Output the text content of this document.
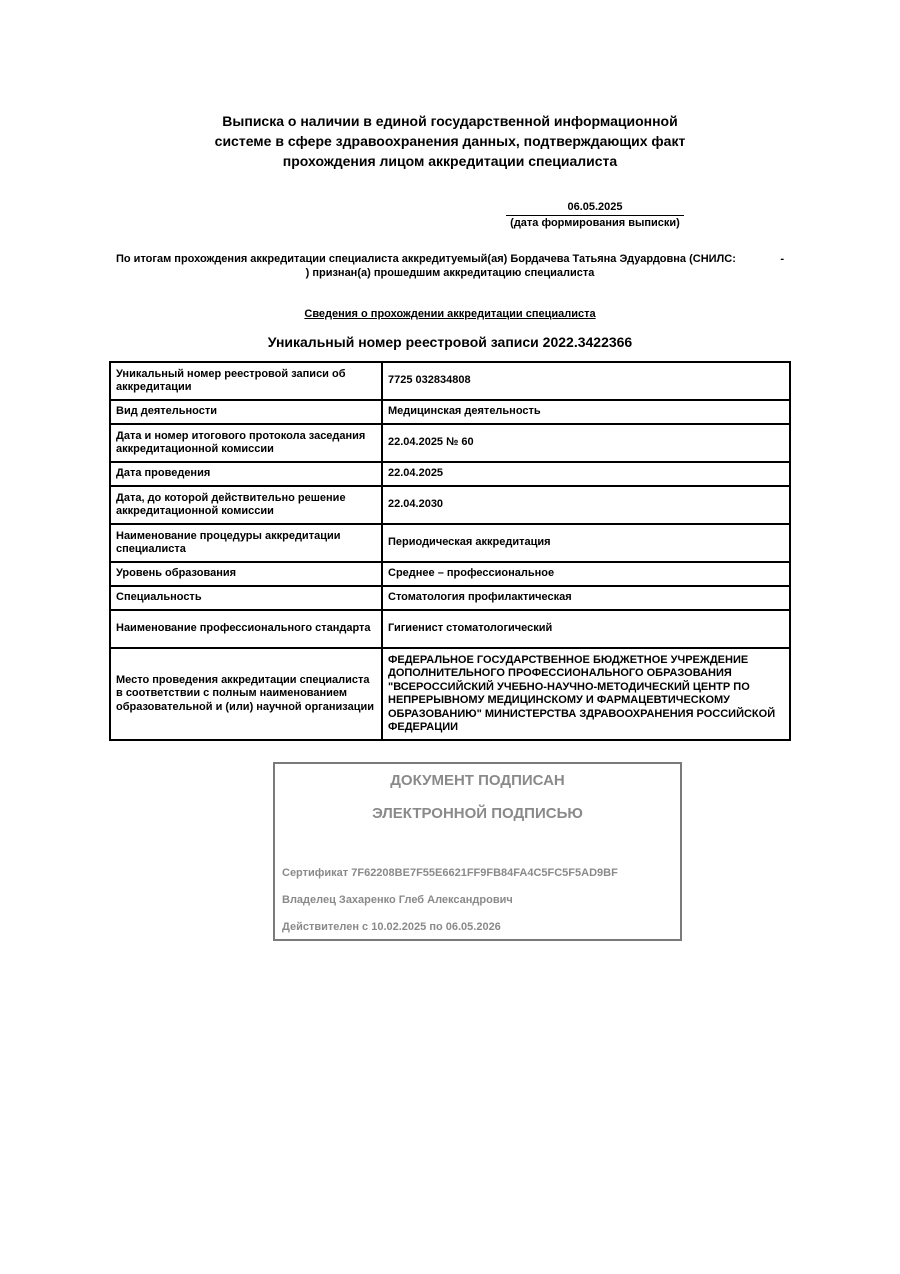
Выписка о наличии в единой государственной информационной
системе в сфере здравоохранения данных, подтверждающих факт
прохождения лицом аккредитации специалиста
06.05.2025
(дата формирования выписки)
По итогам прохождения аккредитации специалиста аккредитуемый(ая) Бордачева Татьяна Эдуардовна (СНИЛС:	-
) признан(а) прошедшим аккредитацию специалиста
Сведения о прохождении аккредитации специалиста
Уникальный номер реестровой записи 2022.3422366
Уникальный номер реестровой записи об аккредитации	7725 032834808
Вид деятельности	Медицинская деятельность
Дата и номер итогового протокола заседания аккредитационной комиссии	22.04.2025 № 60
Дата проведения	22.04.2025
Дата, до которой действительно решение аккредитационной комиссии	22.04.2030
Наименование процедуры аккредитации специалиста	Периодическая аккредитация
Уровень образования	Среднее – профессиональное
Специальность	Стоматология профилактическая
Наименование профессионального стандарта	Гигиенист стоматологический
Место проведения аккредитации специалиста в соответствии с полным наименованием образовательной и (или) научной организации	ФЕДЕРАЛЬНОЕ ГОСУДАРСТВЕННОЕ БЮДЖЕТНОЕ УЧРЕЖДЕНИЕ ДОПОЛНИТЕЛЬНОГО ПРОФЕССИОНАЛЬНОГО ОБРАЗОВАНИЯ "ВСЕРОССИЙСКИЙ УЧЕБНО-НАУЧНО-МЕТОДИЧЕСКИЙ ЦЕНТР ПО НЕПРЕРЫВНОМУ МЕДИЦИНСКОМУ И ФАРМАЦЕВТИЧЕСКОМУ ОБРАЗОВАНИЮ" МИНИСТЕРСТВА ЗДРАВООХРАНЕНИЯ РОССИЙСКОЙ ФЕДЕРАЦИИ
ДОКУМЕНТ ПОДПИСАН
ЭЛЕКТРОННОЙ ПОДПИСЬЮ
Сертификат 7F62208BE7F55E6621FF9FB84FA4C5FC5F5AD9BF
Владелец Захаренко Глеб Александрович
Действителен с 10.02.2025 по 06.05.2026
